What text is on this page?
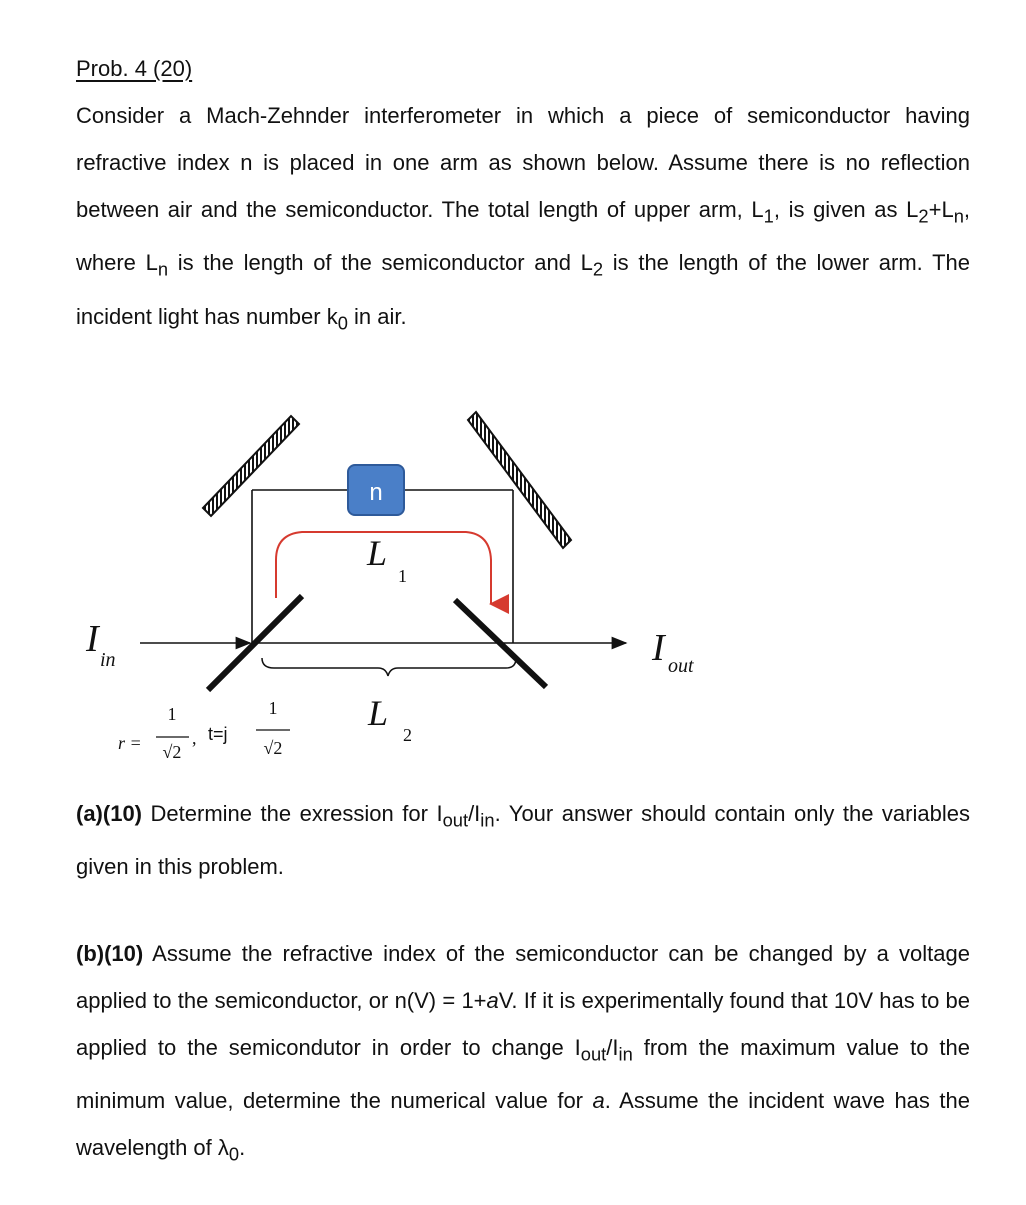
Prob. 4 (20)
Consider a Mach-Zehnder interferometer in which a piece of semiconductor having refractive index n is placed in one arm as shown below. Assume there is no reflection between air and the semiconductor. The total length of upper arm, $L_1$, is given as $L_2+L_n$, where $L_n$ is the length of the semiconductor and $L_2$ is the length of the lower arm. The incident light has number $k_0$ in air.
n
L
1
L
2
I in	I out
r =
1
√2
, t=j
1
√2
(a)(10) Determine the exression for $I_{out}/I_{in}$. Your answer should contain only the variables given in this problem.
(b)(10) Assume the refractive index of the semiconductor can be changed by a voltage applied to the semiconductor, or n(V) = 1+aV. If it is experimentally found that 10V has to be applied to the semicondutor in order to change $I_{out}/I_{in}$ from the maximum value to the minimum value, determine the numerical value for a. Assume the incident wave has the wavelength of $\lambda_0$.
